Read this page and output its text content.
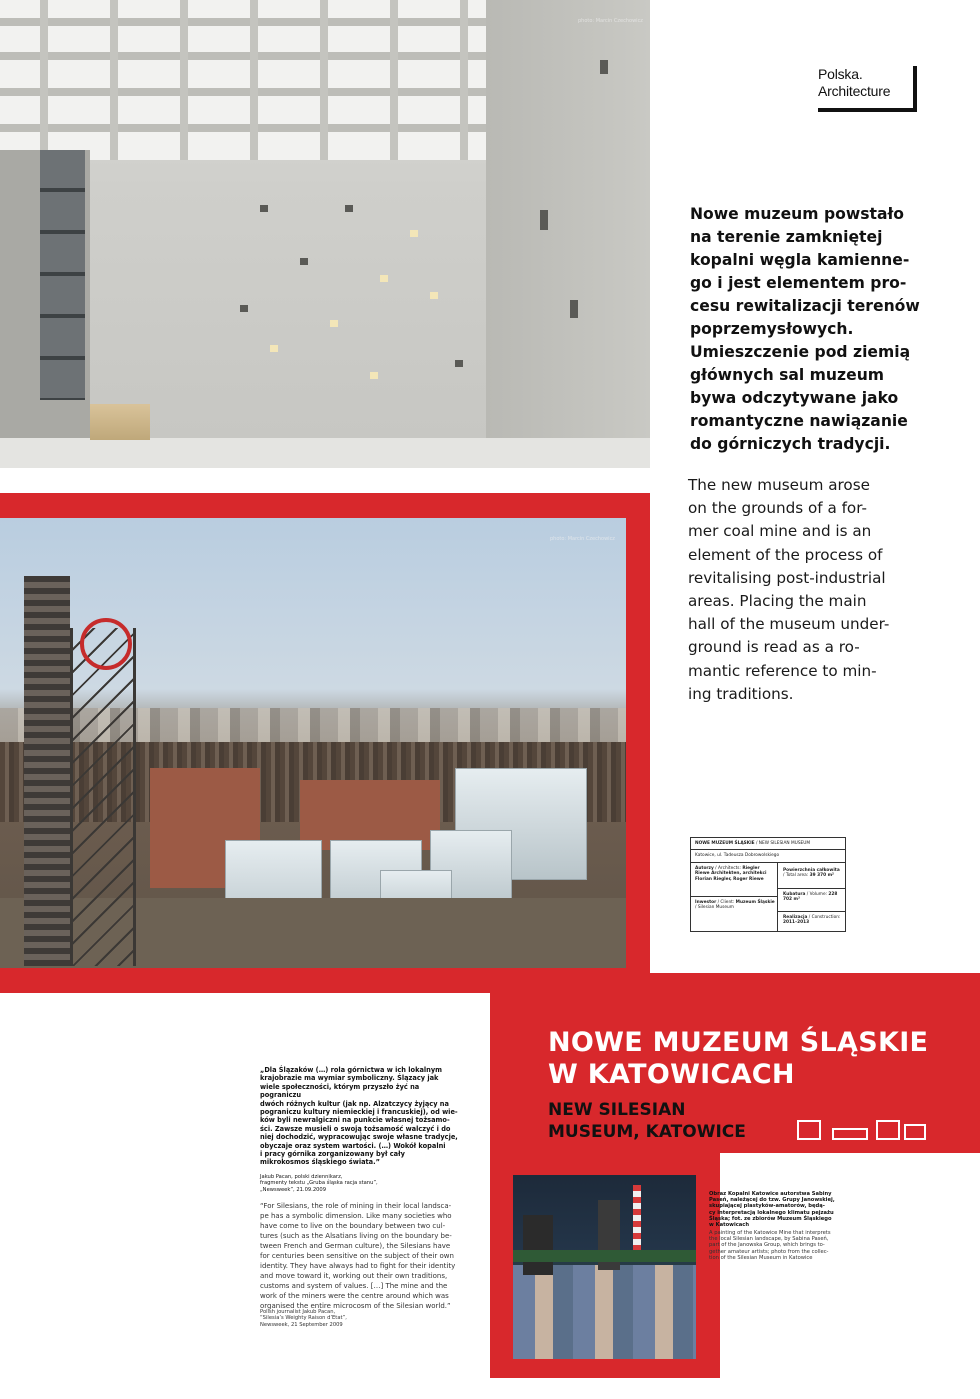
photo: Marcin Czechowicz
photo: Marcin Czechowicz
Polska.
Architecture

Nowe muzeum powstało
na terenie zamkniętej
kopalni węgla kamienne-
go i jest elementem pro-
cesu rewitalizacji terenów
poprzemysłowych.
Umieszczenie pod ziemią
głównych sal muzeum
bywa odczytywane jako
romantyczne nawiązanie
do górniczych tradycji.

The new museum arose
on the grounds of a for-
mer coal mine and is an
element of the process of
revitalising post-industrial
areas. Placing the main
hall of the museum under-
ground is read as a ro-
mantic reference to min-
ing traditions.

NOWE MUZEUM ŚLĄSKIE / NEW SILESIAN MUSEUM
Katowice, ul. Tadeusza Dobrowolskiego
Autorzy / Architects: Riegler Riewe Architekten, architekci Florian Riegler, Roger Riewe
Powierzchnia całkowita / Total area: 39 370 m²
Inwestor / Client: Muzeum Śląskie / Silesian Museum
Kubatura / Volume: 228 702 m³
Realizacja / Construction: 2011–2013

NOWE MUZEUM ŚLĄSKIE
W KATOWICACH

NEW SILESIAN
MUSEUM, KATOWICE

„Dla Ślązaków (…) rola górnictwa w ich lokalnym
krajobrazie ma wymiar symboliczny. Ślązacy jak
wiele społeczności, którym przyszło żyć na pograniczu
dwóch różnych kultur (jak np. Alzatczycy żyjący na
pograniczu kultury niemieckiej i francuskiej), od wie-
ków byli newralgiczni na punkcie własnej tożsamo-
ści. Zawsze musieli o swoją tożsamość walczyć i do
niej dochodzić, wypracowując swoje własne tradycje,
obyczaje oraz system wartości. (…) Wokół kopalni
i pracy górnika zorganizowany był cały
mikrokosmos śląskiego świata.”

Jakub Pacan, polski dziennikarz,
fragmenty tekstu „Gruba śląska racja stanu”,
„Newsweek”, 21.09.2009

“For Silesians, the role of mining in their local landsca-
pe has a symbolic dimension. Like many societies who
have come to live on the boundary between two cul-
tures (such as the Alsatians living on the boundary be-
tween French and German culture), the Silesians have
for centuries been sensitive on the subject of their own
identity. They have always had to fight for their identity
and move toward it, working out their own traditions,
customs and system of values. […] The mine and the
work of the miners were the centre around which was
organised the entire microcosm of the Silesian world.”

Polish journalist Jakub Pacan,
“Silesia’s Weighty Raison d’Etat”,
Newsweek, 21 September 2009

Obraz Kopalni Katowice autorstwa Sabiny
Paseń, należącej do tzw. Grupy Janowskiej,
skupiającej plastyków-amatorów, będą-
cy interpretacją lokalnego klimatu pejzażu
Śląska; fot. ze zbiorów Muzeum Śląskiego
w Katowicach

A painting of the Katowice Mine that interprets
the local Silesian landscape, by Sabina Paseń,
part of the Janowska Group, which brings to-
gether amateur artists; photo from the collec-
tion of the Silesian Museum in Katowice
